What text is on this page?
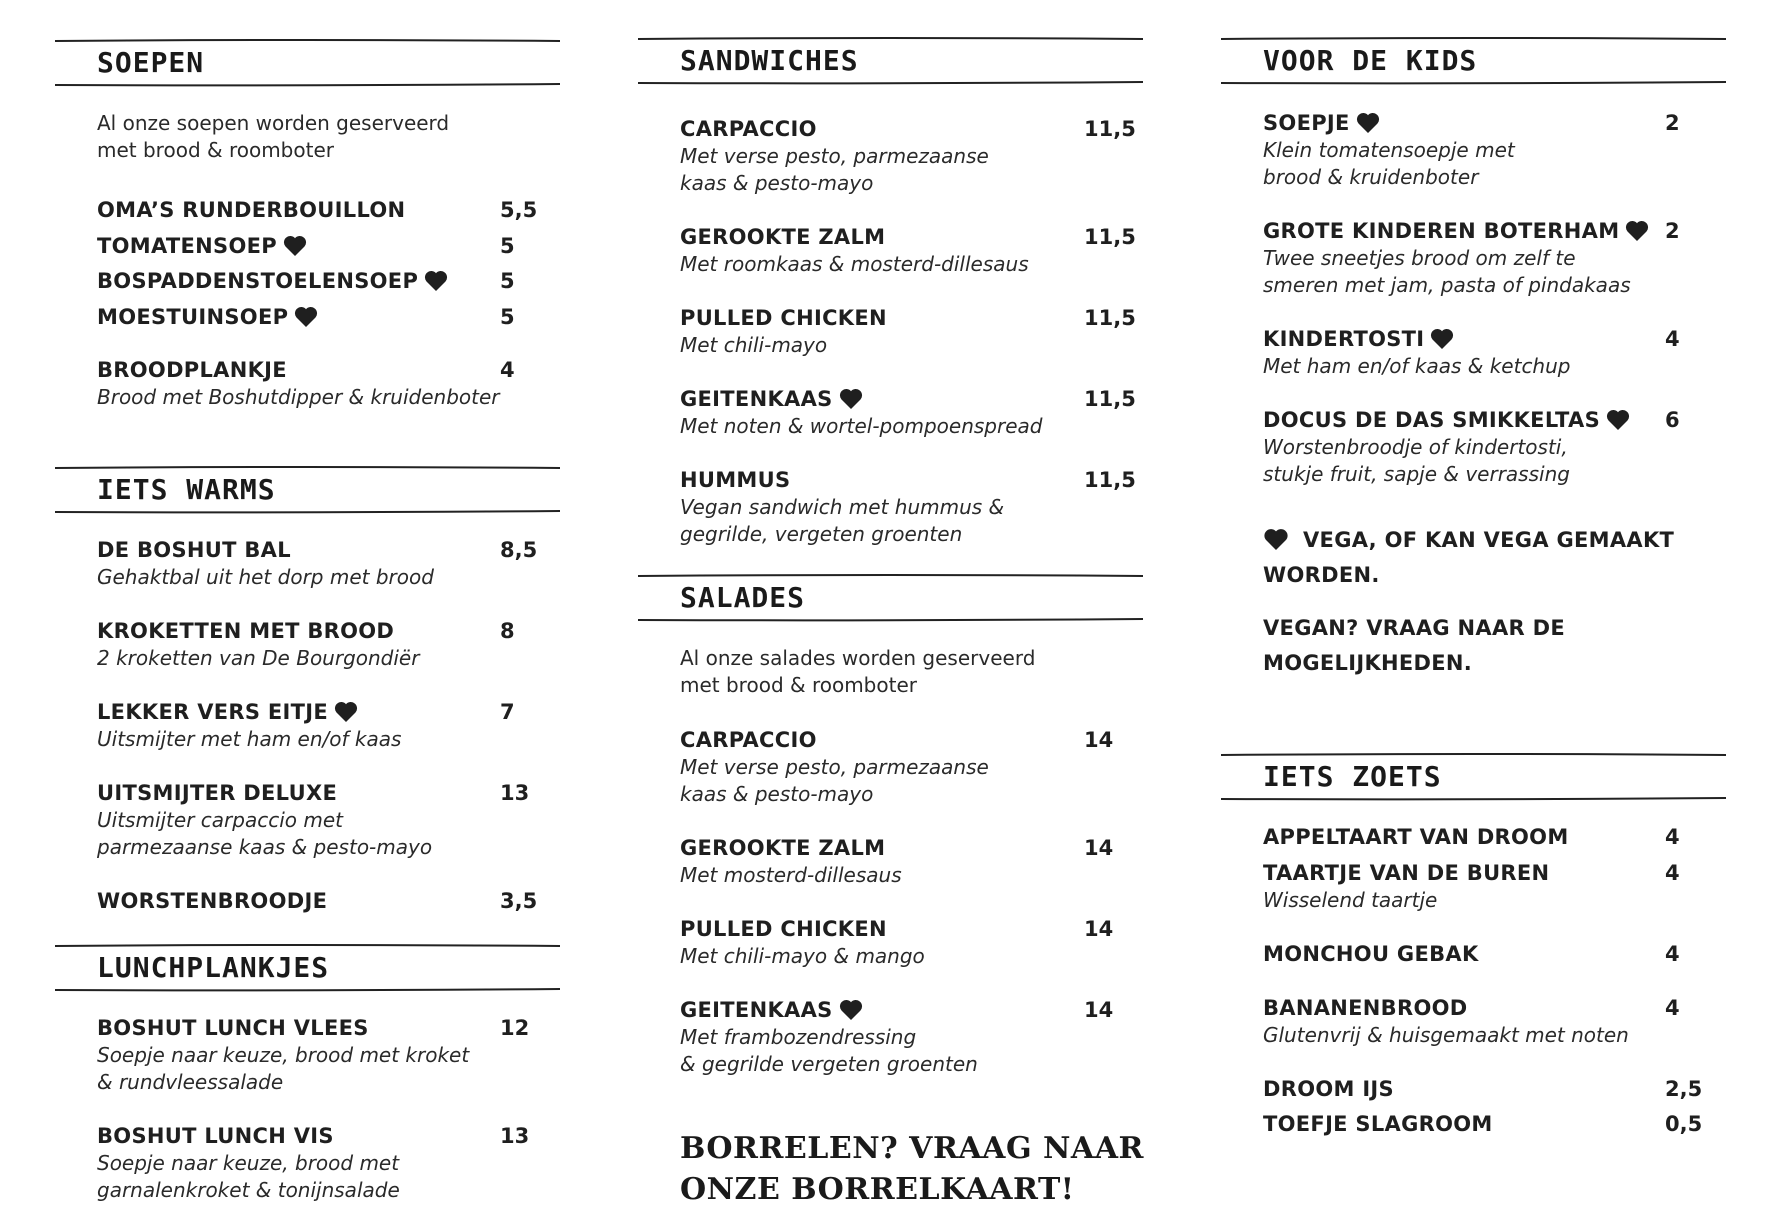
SOEPEN
Al onze soepen worden geserveerd
met brood & roomboter
OMA’S RUNDERBOUILLON	5,5
TOMATENSOEP	5
BOSPADDENSTOELENSOEP	5
MOESTUINSOEP	5
BROODPLANKJE	4
Brood met Boshutdipper & kruidenboter
IETS WARMS
DE BOSHUT BAL	8,5
Gehaktbal uit het dorp met brood
KROKETTEN MET BROOD	8
2 kroketten van De Bourgondiër
LEKKER VERS EITJE	7
Uitsmijter met ham en/of kaas
UITSMIJTER DELUXE	13
Uitsmijter carpaccio met
parmezaanse kaas & pesto-mayo
WORSTENBROODJE	3,5
LUNCHPLANKJES
BOSHUT LUNCH VLEES	12
Soepje naar keuze, brood met kroket
& rundvleessalade
BOSHUT LUNCH VIS	13
Soepje naar keuze, brood met
garnalenkroket & tonijnsalade
SANDWICHES
CARPACCIO	11,5
Met verse pesto, parmezaanse
kaas & pesto-mayo
GEROOKTE ZALM	11,5
Met roomkaas & mosterd-dillesaus
PULLED CHICKEN	11,5
Met chili-mayo
GEITENKAAS	11,5
Met noten & wortel-pompoenspread
HUMMUS	11,5
Vegan sandwich met hummus &
gegrilde, vergeten groenten
SALADES
Al onze salades worden geserveerd
met brood & roomboter
CARPACCIO	14
Met verse pesto, parmezaanse
kaas & pesto-mayo
GEROOKTE ZALM	14
Met mosterd-dillesaus
PULLED CHICKEN	14
Met chili-mayo & mango
GEITENKAAS	14
Met frambozendressing
& gegrilde vergeten groenten
BORRELEN? VRAAG NAAR
ONZE BORRELKAART!
VOOR DE KIDS
SOEPJE	2
Klein tomatensoepje met
brood & kruidenboter
GROTE KINDEREN BOTERHAM 2
Twee sneetjes brood om zelf te
smeren met jam, pasta of pindakaas
KINDERTOSTI	4
Met ham en/of kaas & ketchup
DOCUS DE DAS SMIKKELTAS	6
Worstenbroodje of kindertosti,
stukje fruit, sapje & verrassing
VEGA, OF KAN VEGA GEMAAKT
WORDEN.
VEGAN? VRAAG NAAR DE
MOGELIJKHEDEN.
IETS ZOETS
APPELTAART VAN DROOM	4
TAARTJE VAN DE BUREN	4
Wisselend taartje
MONCHOU GEBAK	4
BANANENBROOD	4
Glutenvrij & huisgemaakt met noten
DROOM IJS	2,5
TOEFJE SLAGROOM	0,5
